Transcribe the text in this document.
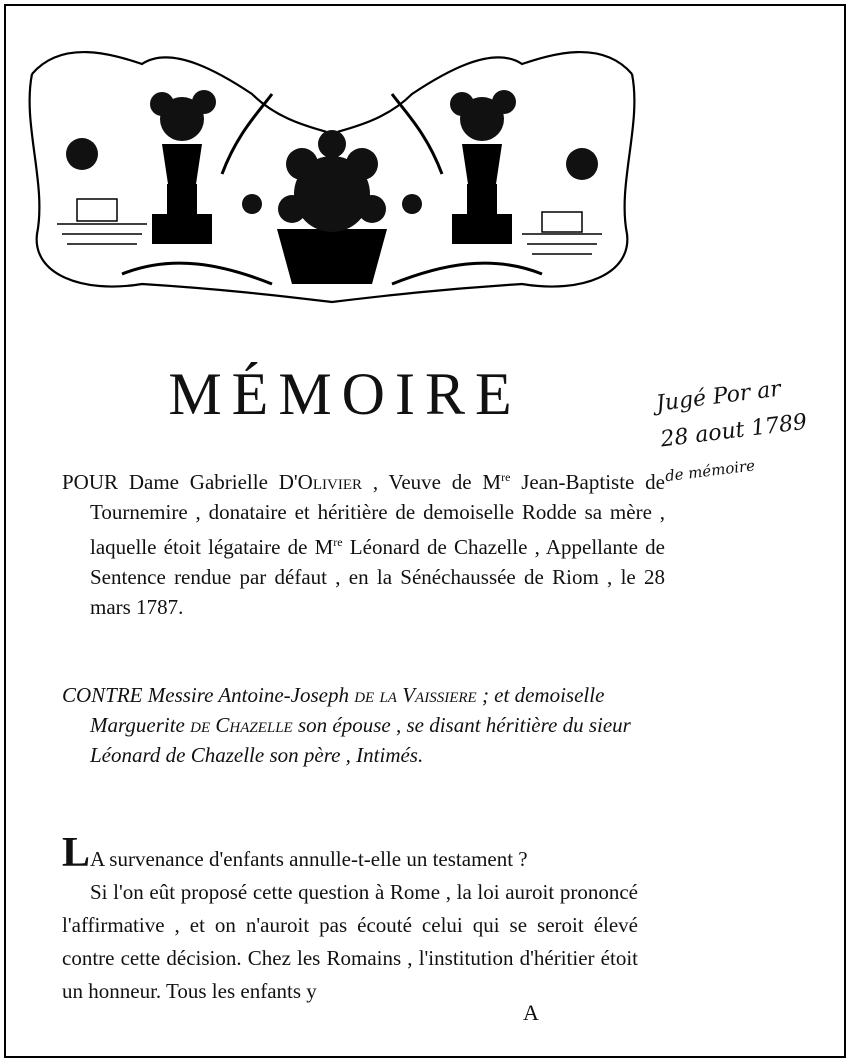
MÉMOIRE	Jugé Por ar
28 aout 1789
de mémoire

POUR Dame Gabrielle D'Olivier , Veuve de Mre Jean-Baptiste de Tournemire , donataire et héritière de demoiselle Rodde sa mère , laquelle étoit légataire de Mre Léonard de Chazelle , Appellante de Sentence rendue par défaut , en la Sénéchaussée de Riom , le 28 mars 1787.

CONTRE Messire Antoine-Joseph de la Vaissiere ; et demoiselle Marguerite de Chazelle son épouse , se disant héritière du sieur Léonard de Chazelle son père , Intimés.

LA survenance d'enfants annulle-t-elle un testament ?
Si l'on eût proposé cette question à Rome , la loi auroit prononcé l'affirmative , et on n'auroit pas écouté celui qui se seroit élevé contre cette décision. Chez les Romains , l'institution d'héritier étoit un honneur. Tous les enfants y
A
